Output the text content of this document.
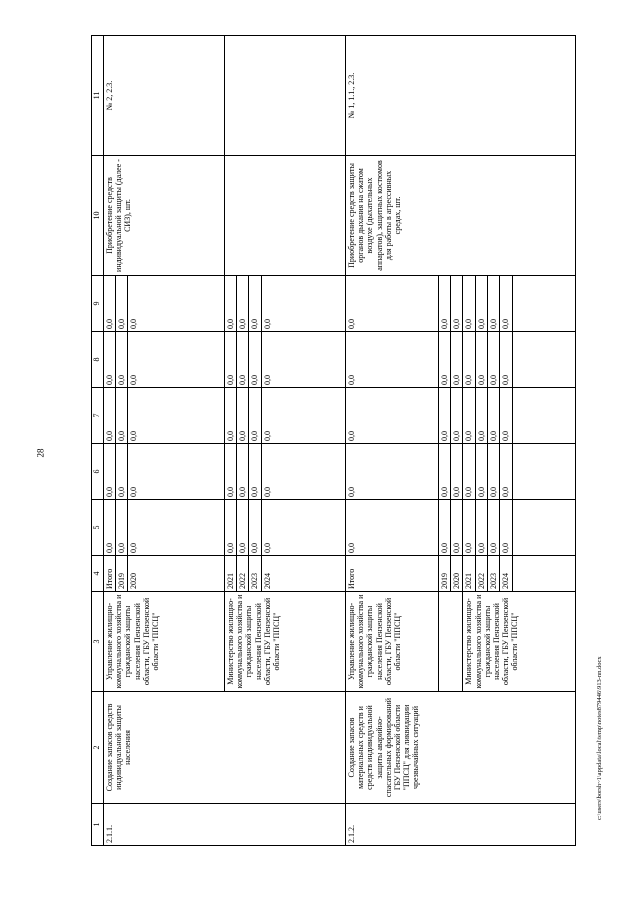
28
c:\users\borsh~1\appdata\local\temp\notes879446\913-nn.docx
1	2	3	4	5	6	7	8	9	10	11
2.1.1.	Создание запасов средств индивидуальной защиты населения	Управление жилищно-коммунального хозяйства и гражданской защиты населения Пензенской области, ГБУ Пензенской области "ППСЦ"	Итого	0,0	0,0	0,0	0,0	0,0	Приобретение средств индивидуальной защиты (далее - СИЗ), шт.	№ 2, 2.3.
			2019	0,0	0,0	0,0	0,0	0,0		
			2020	0,0	0,0	0,0	0,0	0,0		
		Министерство жилищно-коммунального хозяйства и гражданской защиты населения Пензенской области, ГБУ Пензенской области "ППСЦ"	2021	0,0	0,0	0,0	0,0	0,0		
			2022	0,0	0,0	0,0	0,0	0,0		
			2023	0,0	0,0	0,0	0,0	0,0		
			2024	0,0	0,0	0,0	0,0	0,0		
2.1.2.	Создание запасов материальных средств и средств индивидуальной защиты аварийно-спасательных формирований ГБУ Пензенской области "ППСЦ" для ликвидации чрезвычайных ситуаций	Управление жилищно-коммунального хозяйства и гражданской защиты населения Пензенской области, ГБУ Пензенской области "ППСЦ"	Итого	0,0	0,0	0,0	0,0	0,0	Приобретение средств защиты органов дыхания на сжатом воздухе (дыхательных аппаратов), защитных костюмов для работы в агрессивных средах, шт.	№ 1, 1.1., 2.3.
			2019	0,0	0,0	0,0	0,0	0,0		
			2020	0,0	0,0	0,0	0,0	0,0		
		Министерство жилищно-коммунального хозяйства и гражданской защиты населения Пензенской области, ГБУ Пензенской области "ППСЦ"	2021	0,0	0,0	0,0	0,0	0,0		
			2022	0,0	0,0	0,0	0,0	0,0		
			2023	0,0	0,0	0,0	0,0	0,0		
			2024	0,0	0,0	0,0	0,0	0,0		
